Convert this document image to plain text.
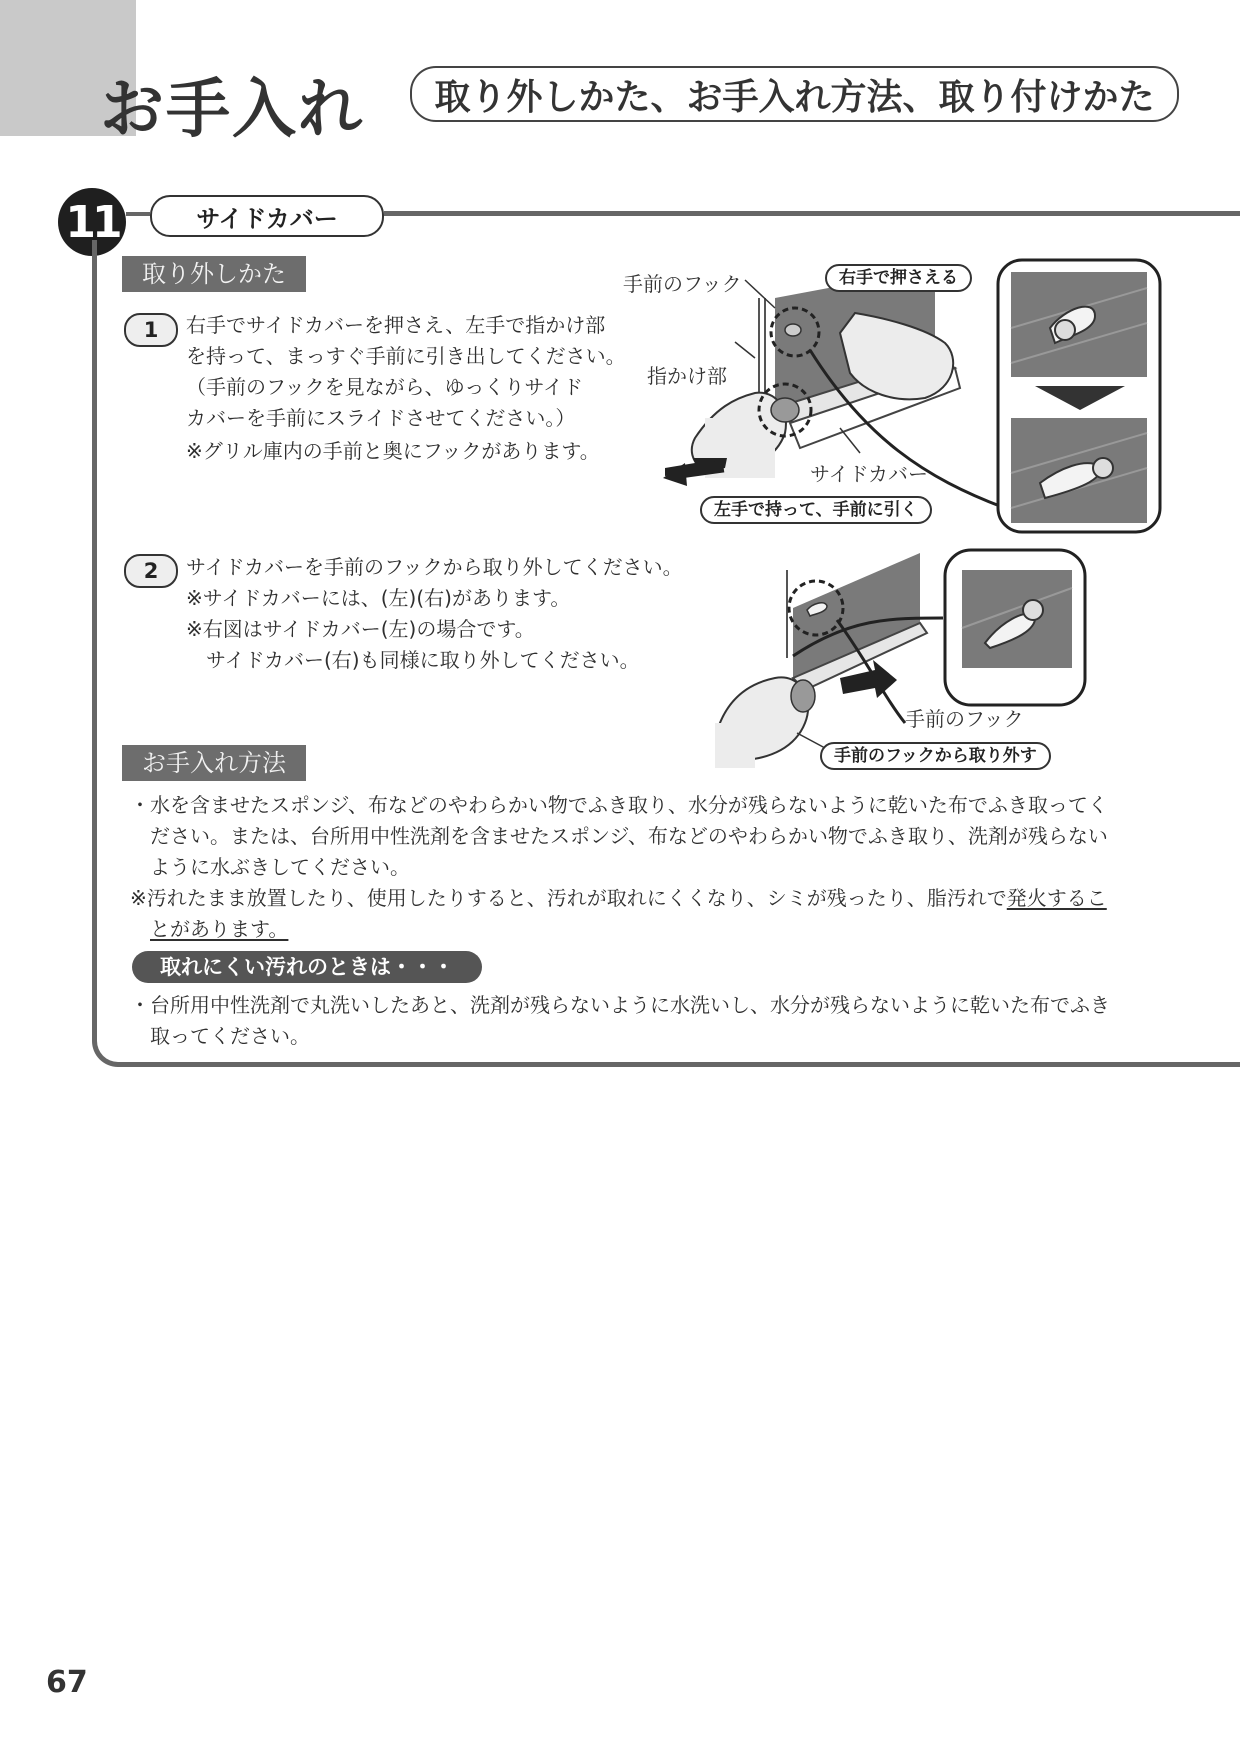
お手入れ 取り外しかた、お手入れ方法、取り付けかた
11	サイドカバー
取り外しかた
1	右手でサイドカバーを押さえ、左手で指かけ部
を持って、まっすぐ手前に引き出してください。
（手前のフックを見ながら、ゆっくりサイド
カバーを手前にスライドさせてください。）
※グリル庫内の手前と奥にフックがあります。
手前のフック
指かけ部
サイドカバー
右手で押さえる
左手で持って、手前に引く
2	サイドカバーを手前のフックから取り外してください。
※サイドカバーには、(左)(右)があります。
※右図はサイドカバー(左)の場合です。
　サイドカバー(右)も同様に取り外してください。
手前のフック
手前のフックから取り外す
お手入れ方法
・水を含ませたスポンジ、布などのやわらかい物でふき取り、水分が残らないように乾いた布でふき取ってく
　ださい。または、台所用中性洗剤を含ませたスポンジ、布などのやわらかい物でふき取り、洗剤が残らない
　ように水ぶきしてください。
※汚れたまま放置したり、使用したりすると、汚れが取れにくくなり、シミが残ったり、脂汚れで発火するこ
　とがあります。
取れにくい汚れのときは・・・
・台所用中性洗剤で丸洗いしたあと、洗剤が残らないように水洗いし、水分が残らないように乾いた布でふき
　取ってください。
67
